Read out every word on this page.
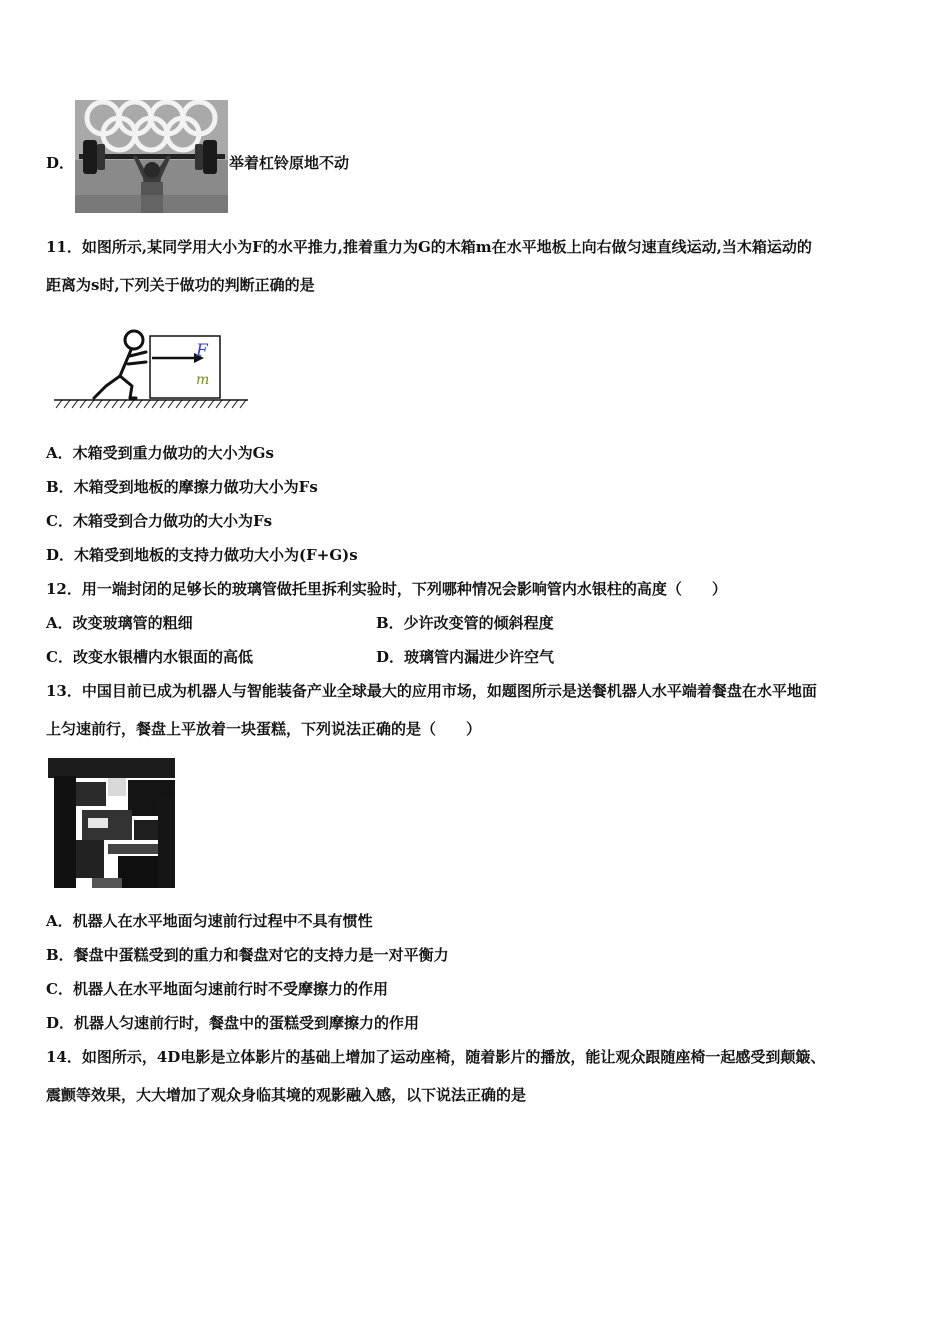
D．	举着杠铃原地不动
11．如图所示,某同学用大小为F的水平推力,推着重力为G的木箱m在水平地板上向右做匀速直线运动,当木箱运动的
距离为s时,下列关于做功的判断正确的是
F
m
A．木箱受到重力做功的大小为Gs
B．木箱受到地板的摩擦力做功大小为Fs
C．木箱受到合力做功的大小为Fs
D．木箱受到地板的支持力做功大小为(F+G)s
12．用一端封闭的足够长的玻璃管做托里拆利实验时，下列哪种情况会影响管内水银柱的高度（　　）
A．改变玻璃管的粗细	B．少许改变管的倾斜程度
C．改变水银槽内水银面的高低	D．玻璃管内漏进少许空气
13．中国目前已成为机器人与智能装备产业全球最大的应用市场，如题图所示是送餐机器人水平端着餐盘在水平地面
上匀速前行，餐盘上平放着一块蛋糕，下列说法正确的是（　　）
A．机器人在水平地面匀速前行过程中不具有惯性
B．餐盘中蛋糕受到的重力和餐盘对它的支持力是一对平衡力
C．机器人在水平地面匀速前行时不受摩擦力的作用
D．机器人匀速前行时，餐盘中的蛋糕受到摩擦力的作用
14．如图所示，4D电影是立体影片的基础上增加了运动座椅，随着影片的播放，能让观众跟随座椅一起感受到颠簸、
震颤等效果，大大增加了观众身临其境的观影融入感，以下说法正确的是
